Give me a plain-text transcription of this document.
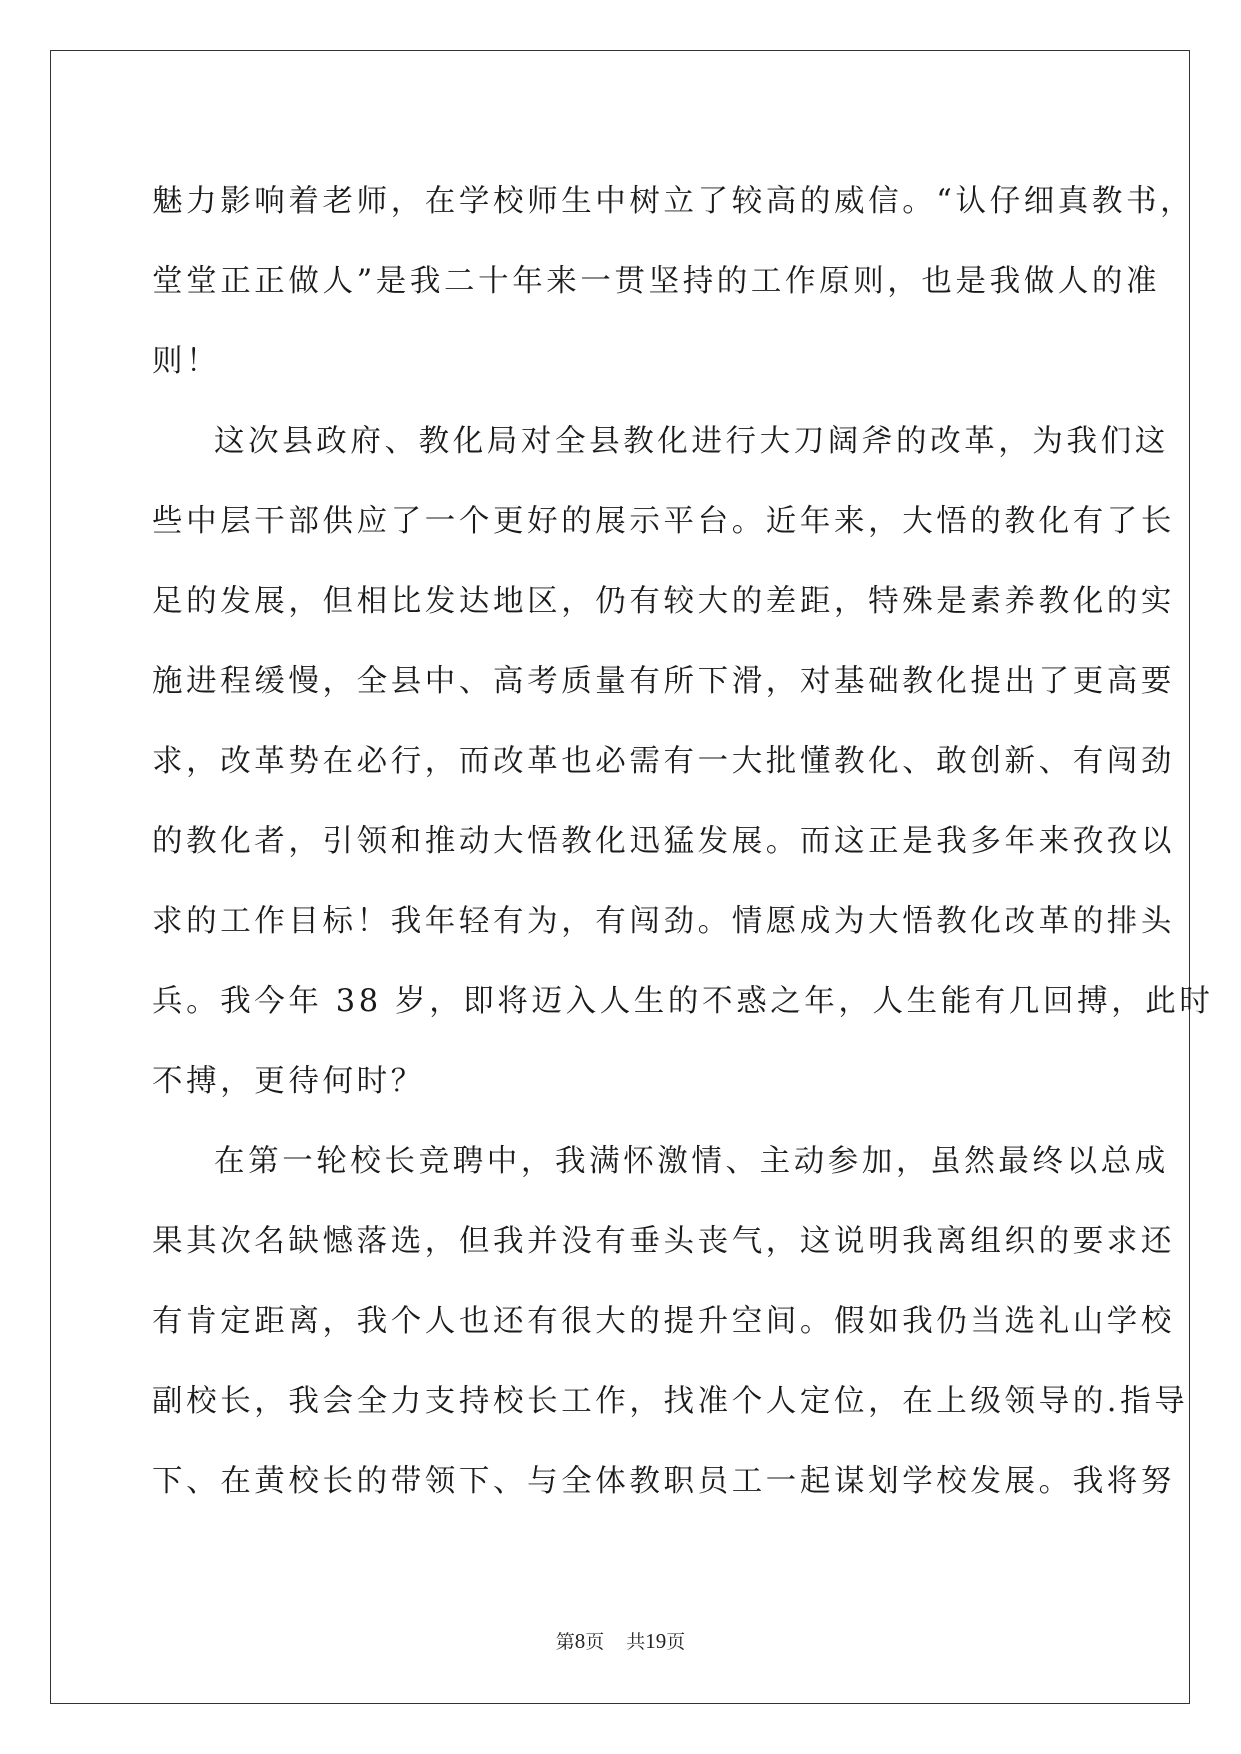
魅力影响着老师，在学校师生中树立了较高的威信。“认仔细真教书，
堂堂正正做人”是我二十年来一贯坚持的工作原则，也是我做人的准
则！
这次县政府、教化局对全县教化进行大刀阔斧的改革，为我们这
些中层干部供应了一个更好的展示平台。近年来，大悟的教化有了长
足的发展，但相比发达地区，仍有较大的差距，特殊是素养教化的实
施进程缓慢，全县中、高考质量有所下滑，对基础教化提出了更高要
求，改革势在必行，而改革也必需有一大批懂教化、敢创新、有闯劲
的教化者，引领和推动大悟教化迅猛发展。而这正是我多年来孜孜以
求的工作目标！我年轻有为，有闯劲。情愿成为大悟教化改革的排头
兵。我今年 38 岁，即将迈入人生的不惑之年，人生能有几回搏，此时
不搏，更待何时？
在第一轮校长竞聘中，我满怀激情、主动参加，虽然最终以总成
果其次名缺憾落选，但我并没有垂头丧气，这说明我离组织的要求还
有肯定距离，我个人也还有很大的提升空间。假如我仍当选礼山学校
副校长，我会全力支持校长工作，找准个人定位，在上级领导的.指导
下、在黄校长的带领下、与全体教职员工一起谋划学校发展。我将努
第8页 共19页
